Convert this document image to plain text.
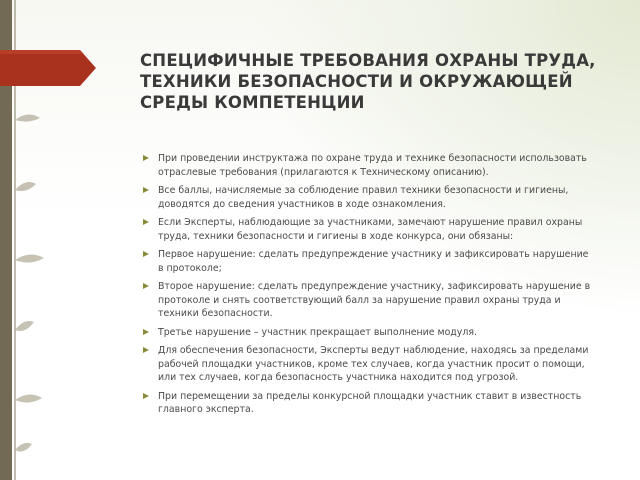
СПЕЦИФИЧНЫЕ ТРЕБОВАНИЯ ОХРАНЫ ТРУДА, ТЕХНИКИ БЕЗОПАСНОСТИ И ОКРУЖАЮЩЕЙ СРЕДЫ КОМПЕТЕНЦИИ
При проведении инструктажа по охране труда и технике безопасности использовать отраслевые требования (прилагаются к Техническому описанию).
Все баллы, начисляемые за соблюдение правил техники безопасности и гигиены, доводятся до сведения участников в ходе ознакомления.
Если Эксперты, наблюдающие за участниками, замечают нарушение правил охраны труда, техники безопасности и гигиены в ходе конкурса, они обязаны:
Первое нарушение: сделать предупреждение участнику и зафиксировать нарушение в протоколе;
Второе нарушение: сделать предупреждение участнику, зафиксировать нарушение в протоколе и снять соответствующий балл за нарушение правил охраны труда и техники безопасности.
Третье нарушение – участник прекращает выполнение модуля.
Для обеспечения безопасности, Эксперты ведут наблюдение, находясь за пределами рабочей площадки участников, кроме тех случаев, когда участник просит о помощи, или тех случаев, когда безопасность участника находится под угрозой.
При перемещении за пределы конкурсной площадки участник ставит в известность главного эксперта.
